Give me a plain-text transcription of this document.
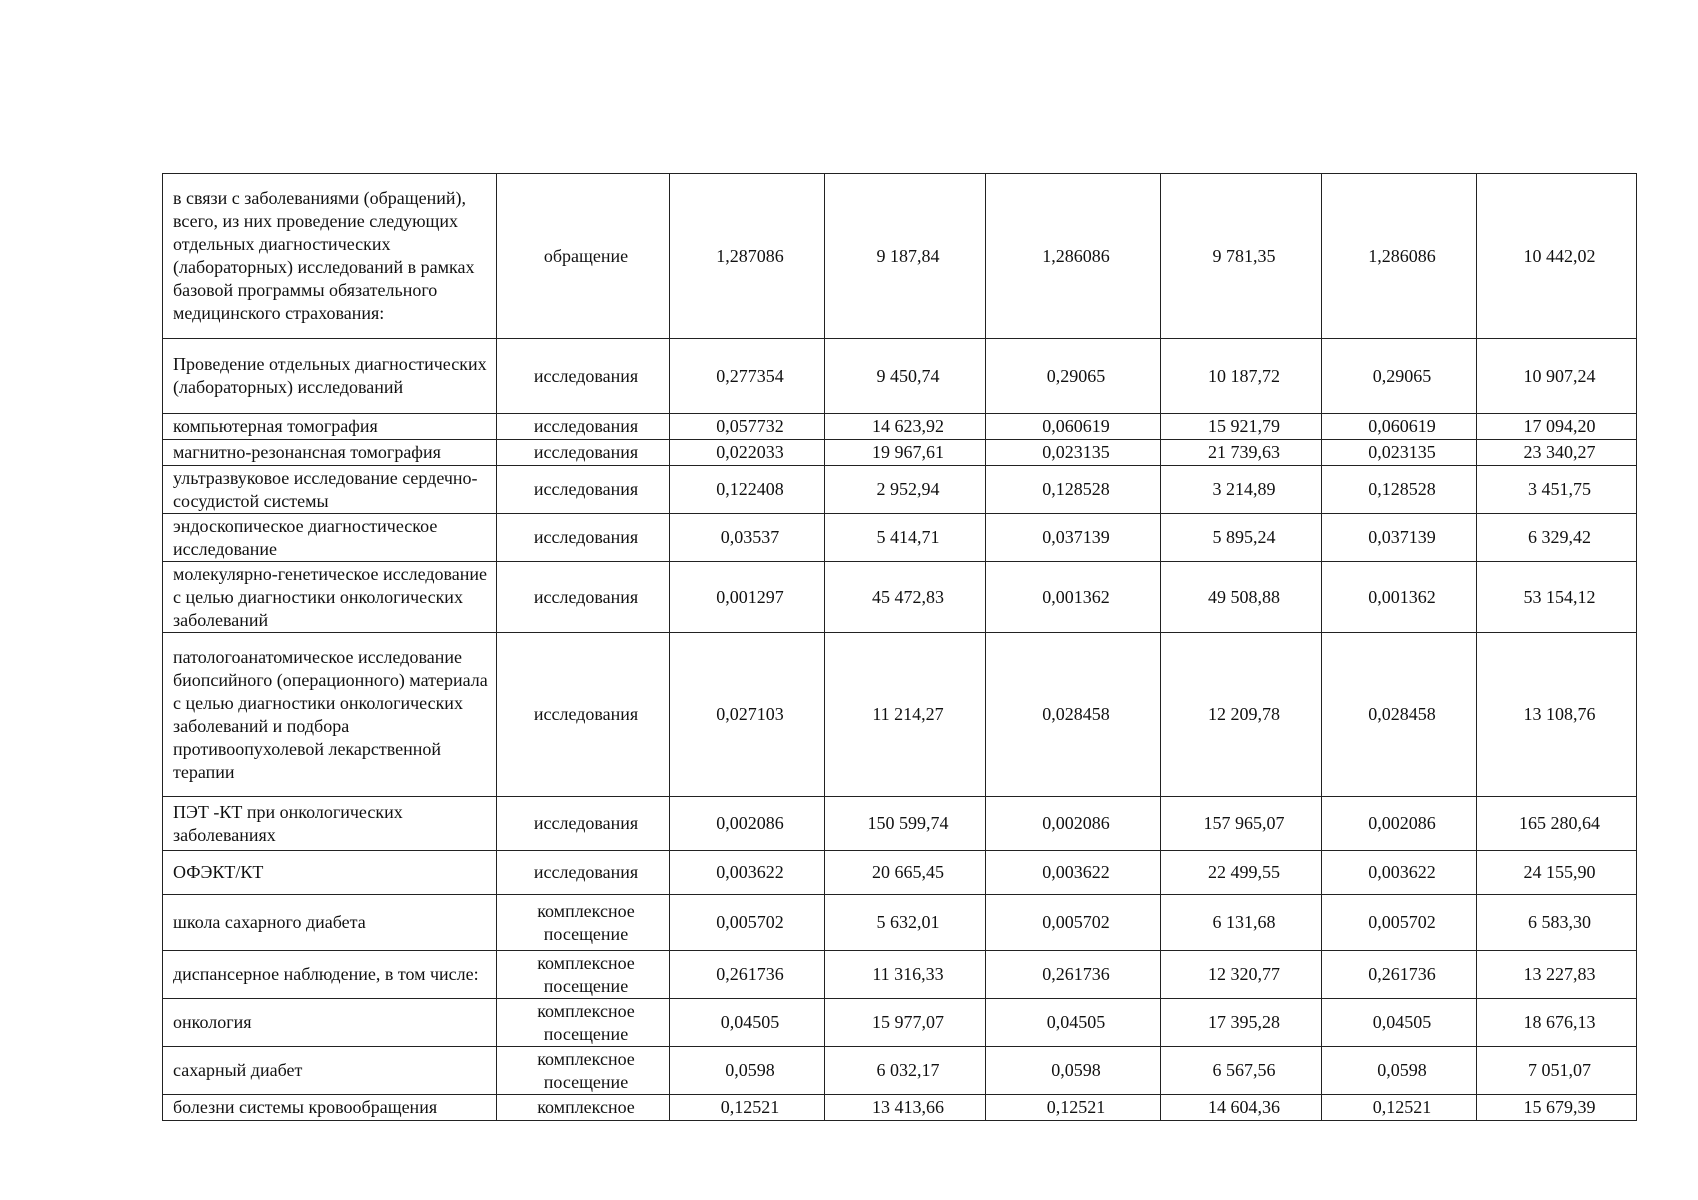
в связи с заболеваниями (обращений), всего, из них проведение следующих отдельных диагностических (лабораторных) исследований в рамках базовой программы обязательного медицинского страхования:	обращение	1,287086	9 187,84	1,286086	9 781,35	1,286086	10 442,02
Проведение отдельных диагностических (лабораторных) исследований	исследования	0,277354	9 450,74	0,29065	10 187,72	0,29065	10 907,24
компьютерная томография	исследования	0,057732	14 623,92	0,060619	15 921,79	0,060619	17 094,20
магнитно-резонансная томография	исследования	0,022033	19 967,61	0,023135	21 739,63	0,023135	23 340,27
ультразвуковое исследование сердечно-сосудистой системы	исследования	0,122408	2 952,94	0,128528	3 214,89	0,128528	3 451,75
эндоскопическое диагностическое исследование	исследования	0,03537	5 414,71	0,037139	5 895,24	0,037139	6 329,42
молекулярно-генетическое исследование с целью диагностики онкологических заболеваний	исследования	0,001297	45 472,83	0,001362	49 508,88	0,001362	53 154,12
патологоанатомическое исследование биопсийного (операционного) материала с целью диагностики онкологических заболеваний и подбора противоопухолевой лекарственной терапии	исследования	0,027103	11 214,27	0,028458	12 209,78	0,028458	13 108,76
ПЭТ -КТ при онкологических заболеваниях	исследования	0,002086	150 599,74	0,002086	157 965,07	0,002086	165 280,64
ОФЭКТ/КТ	исследования	0,003622	20 665,45	0,003622	22 499,55	0,003622	24 155,90
школа сахарного диабета	комплексное посещение	0,005702	5 632,01	0,005702	6 131,68	0,005702	6 583,30
диспансерное наблюдение, в том числе:	комплексное посещение	0,261736	11 316,33	0,261736	12 320,77	0,261736	13 227,83
онкология	комплексное посещение	0,04505	15 977,07	0,04505	17 395,28	0,04505	18 676,13
сахарный диабет	комплексное посещение	0,0598	6 032,17	0,0598	6 567,56	0,0598	7 051,07
болезни системы кровообращения	комплексное	0,12521	13 413,66	0,12521	14 604,36	0,12521	15 679,39
